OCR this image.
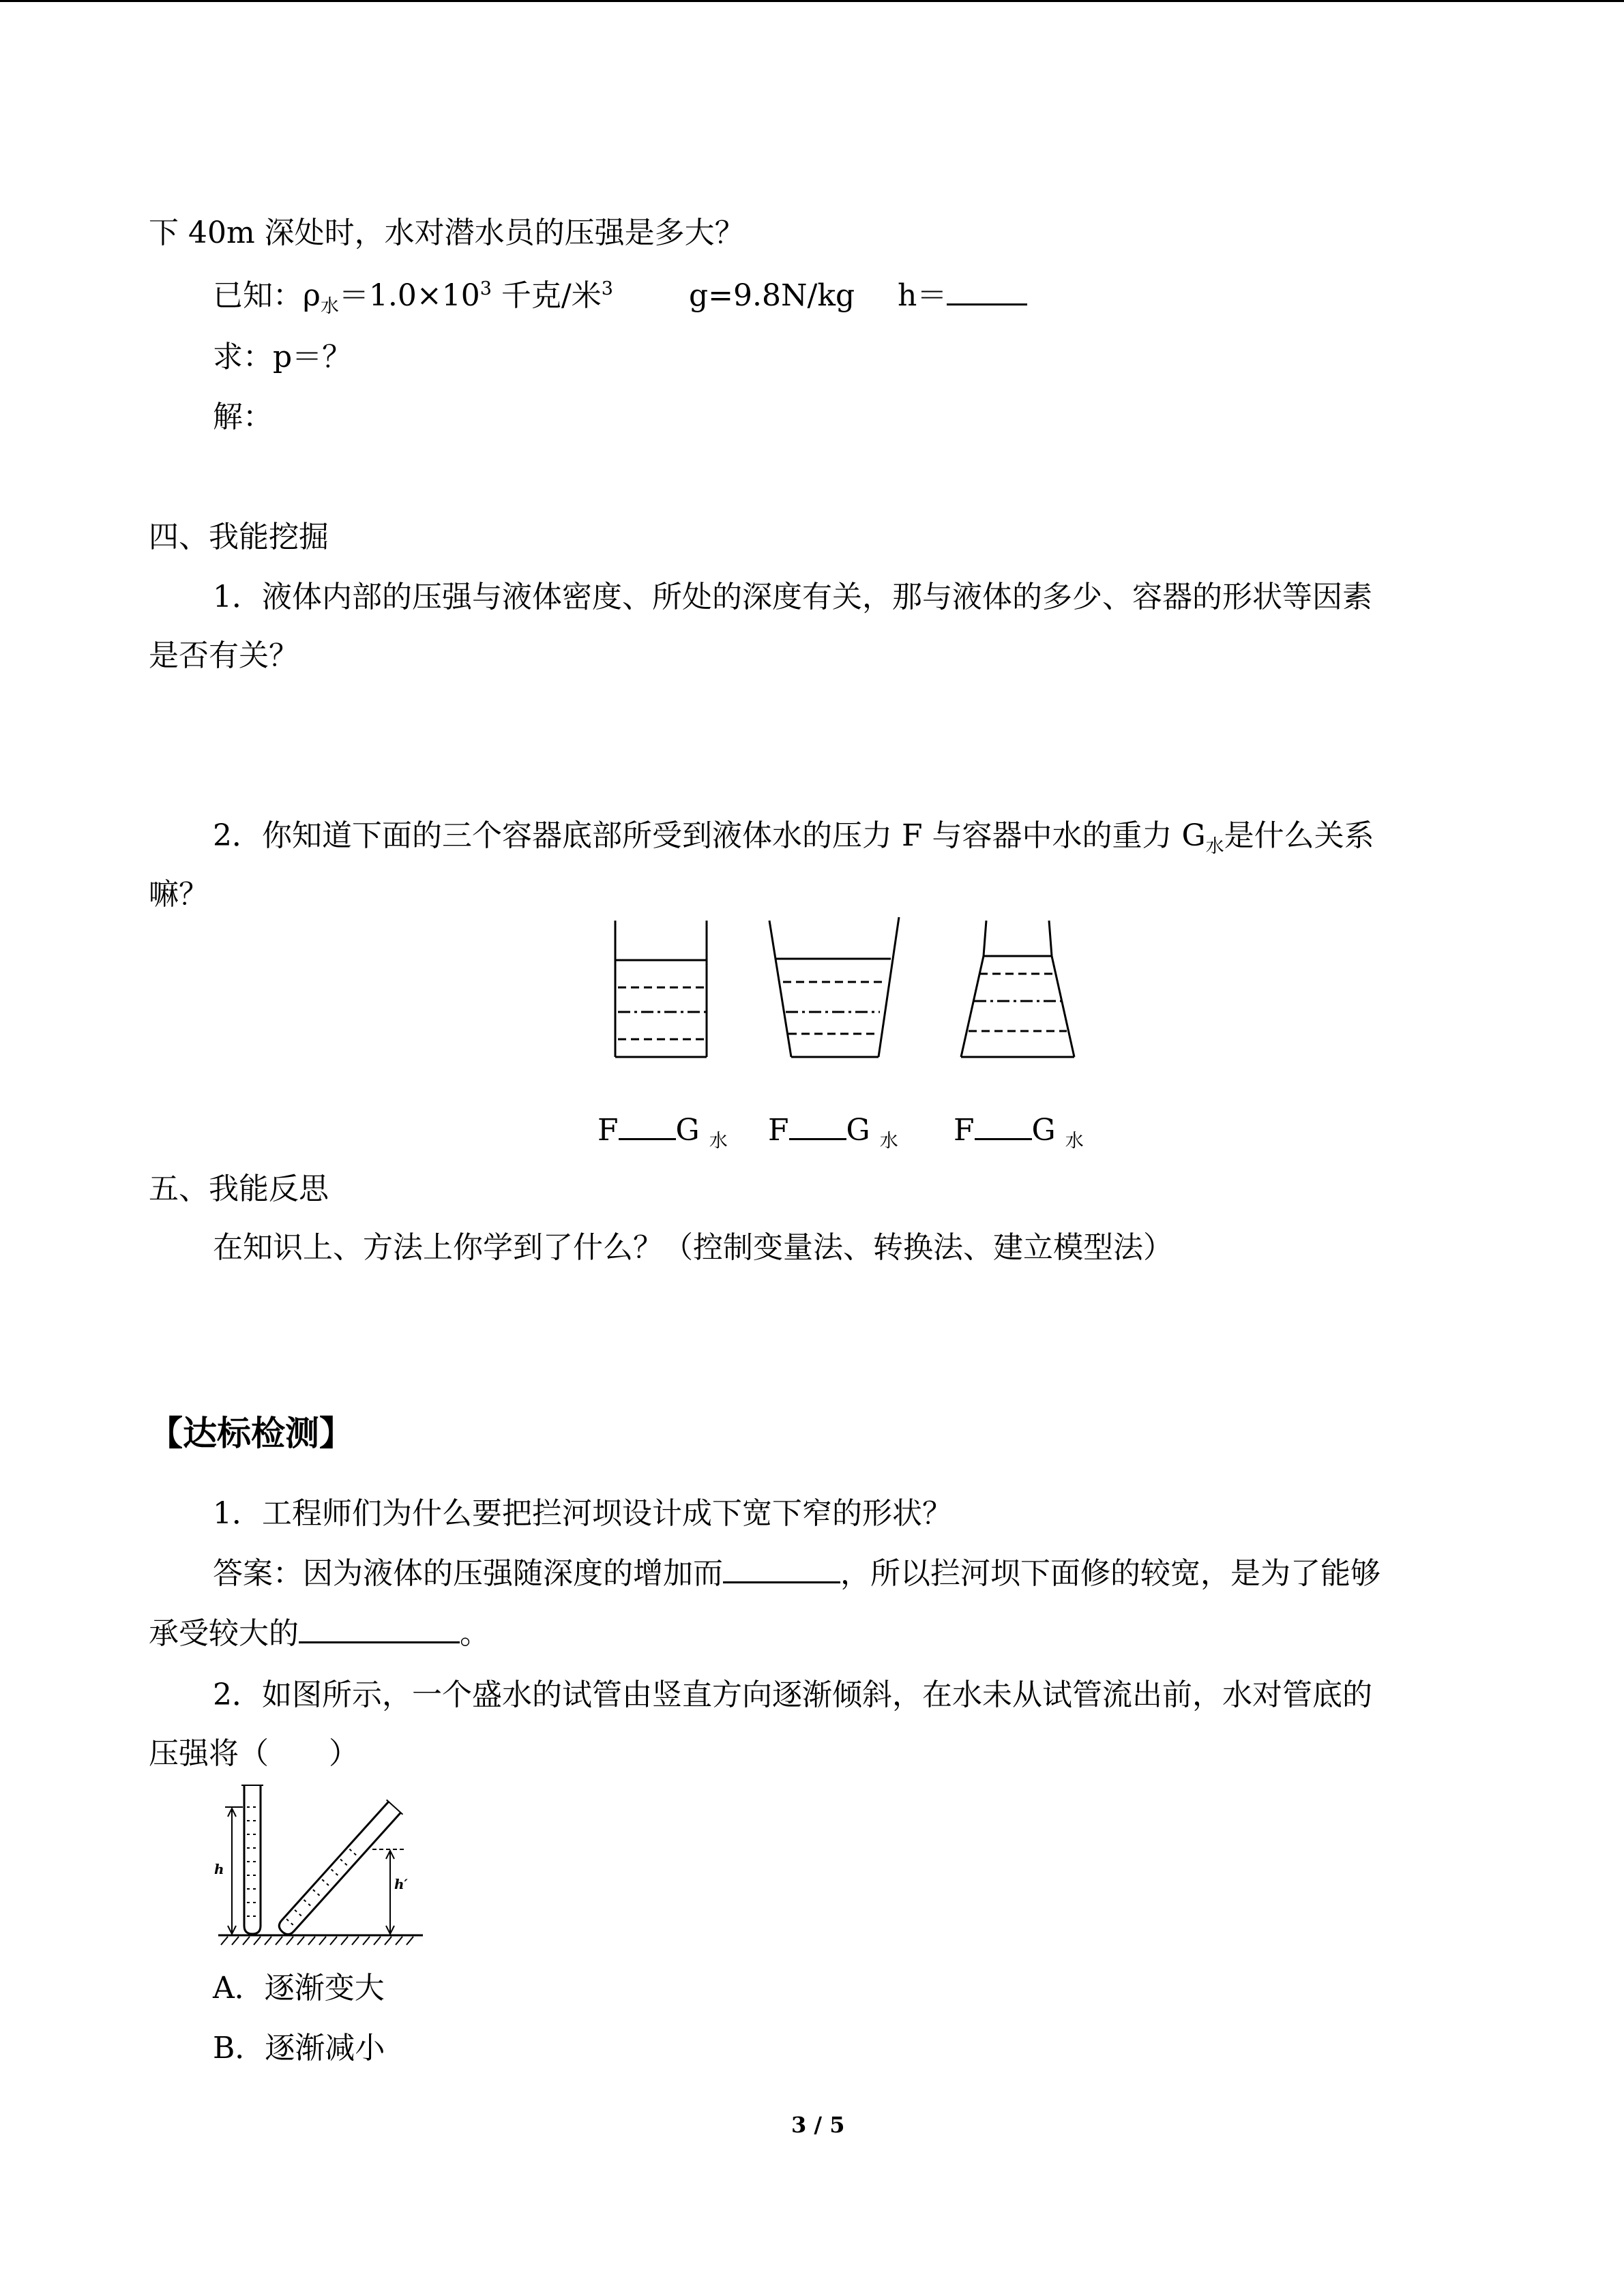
下 40m 深处时，水对潜水员的压强是多大？
已知：$\rho_水=1.0\times 10^3$ 千克/米$^3$	g=9.8N/kg h＝
求：p＝？
解：
四、我能挖掘
1．液体内部的压强与液体密度、所处的深度有关，那与液体的多少、容器的形状等因素
是否有关？
2．你知道下面的三个容器底部所受到液体水的压力 F 与容器中水的重力 $G_水$是什么关系
嘛？
F G $_水$ F G $_水$ F G $_水$
五、我能反思
在知识上、方法上你学到了什么？（控制变量法、转换法、建立模型法）
【达标检测】
1．工程师们为什么要把拦河坝设计成下宽下窄的形状？
答案：因为液体的压强随深度的增加而	，所以拦河坝下面修的较宽，是为了能够
承受较大的	。
2．如图所示，一个盛水的试管由竖直方向逐渐倾斜，在水未从试管流出前，水对管底的
压强将（　　）
h
h′
A．逐渐变大
B．逐渐减小
3 / 5
